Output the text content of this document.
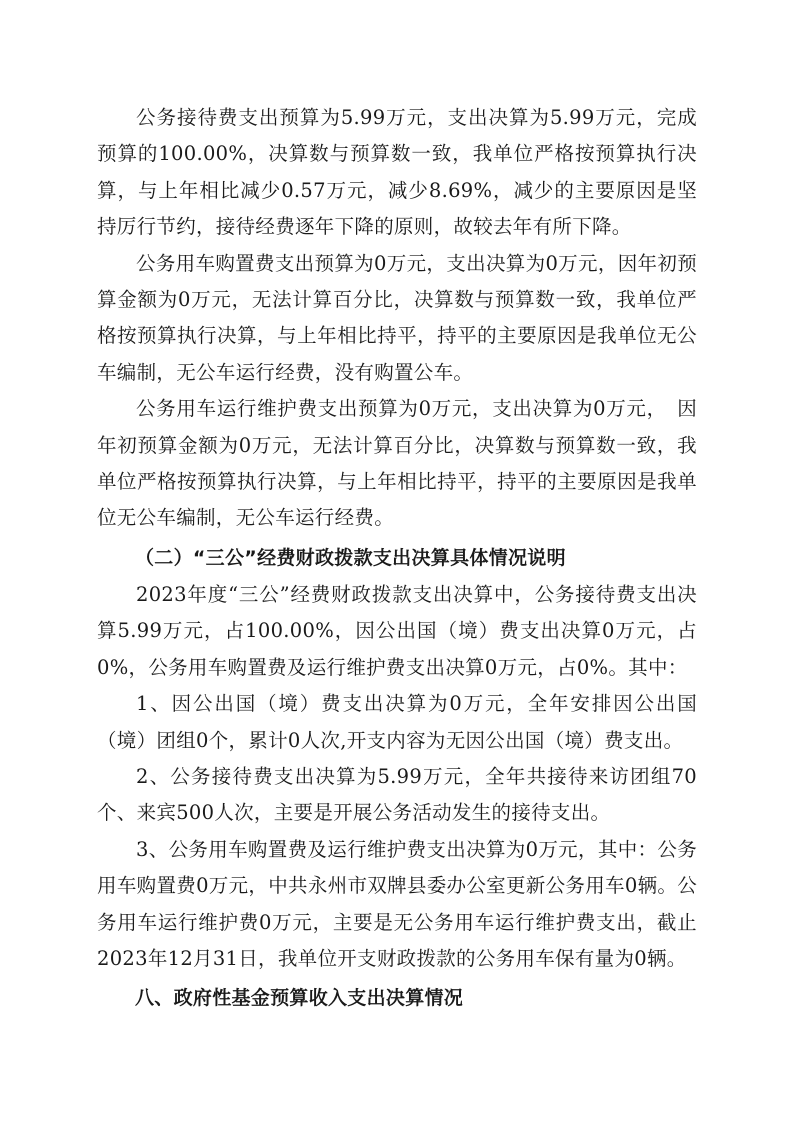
公务接待费支出预算为5.99万元，支出决算为5.99万元，完成预算的100.00%，决算数与预算数一致，我单位严格按预算执行决算，与上年相比减少0.57万元，减少8.69%，减少的主要原因是坚持厉行节约，接待经费逐年下降的原则，故较去年有所下降。

公务用车购置费支出预算为0万元，支出决算为0万元，因年初预算金额为0万元，无法计算百分比，决算数与预算数一致，我单位严格按预算执行决算，与上年相比持平，持平的主要原因是我单位无公车编制，无公车运行经费，没有购置公车。

公务用车运行维护费支出预算为0万元，支出决算为0万元，　因年初预算金额为0万元，无法计算百分比，决算数与预算数一致，我单位严格按预算执行决算，与上年相比持平，持平的主要原因是我单位无公车编制，无公车运行经费。

（二）“三公”经费财政拨款支出决算具体情况说明

2023年度“三公”经费财政拨款支出决算中，公务接待费支出决算5.99万元，占100.00%，因公出国（境）费支出决算0万元，占0%，公务用车购置费及运行维护费支出决算0万元，占0%。其中：

1、因公出国（境）费支出决算为0万元，全年安排因公出国（境）团组0个，累计0人次,开支内容为无因公出国（境）费支出。

2、公务接待费支出决算为5.99万元，全年共接待来访团组70个、来宾500人次，主要是开展公务活动发生的接待支出。

3、公务用车购置费及运行维护费支出决算为0万元，其中：公务用车购置费0万元，中共永州市双牌县委办公室更新公务用车0辆。公务用车运行维护费0万元，主要是无公务用车运行维护费支出，截止2023年12月31日，我单位开支财政拨款的公务用车保有量为0辆。

八、政府性基金预算收入支出决算情况
